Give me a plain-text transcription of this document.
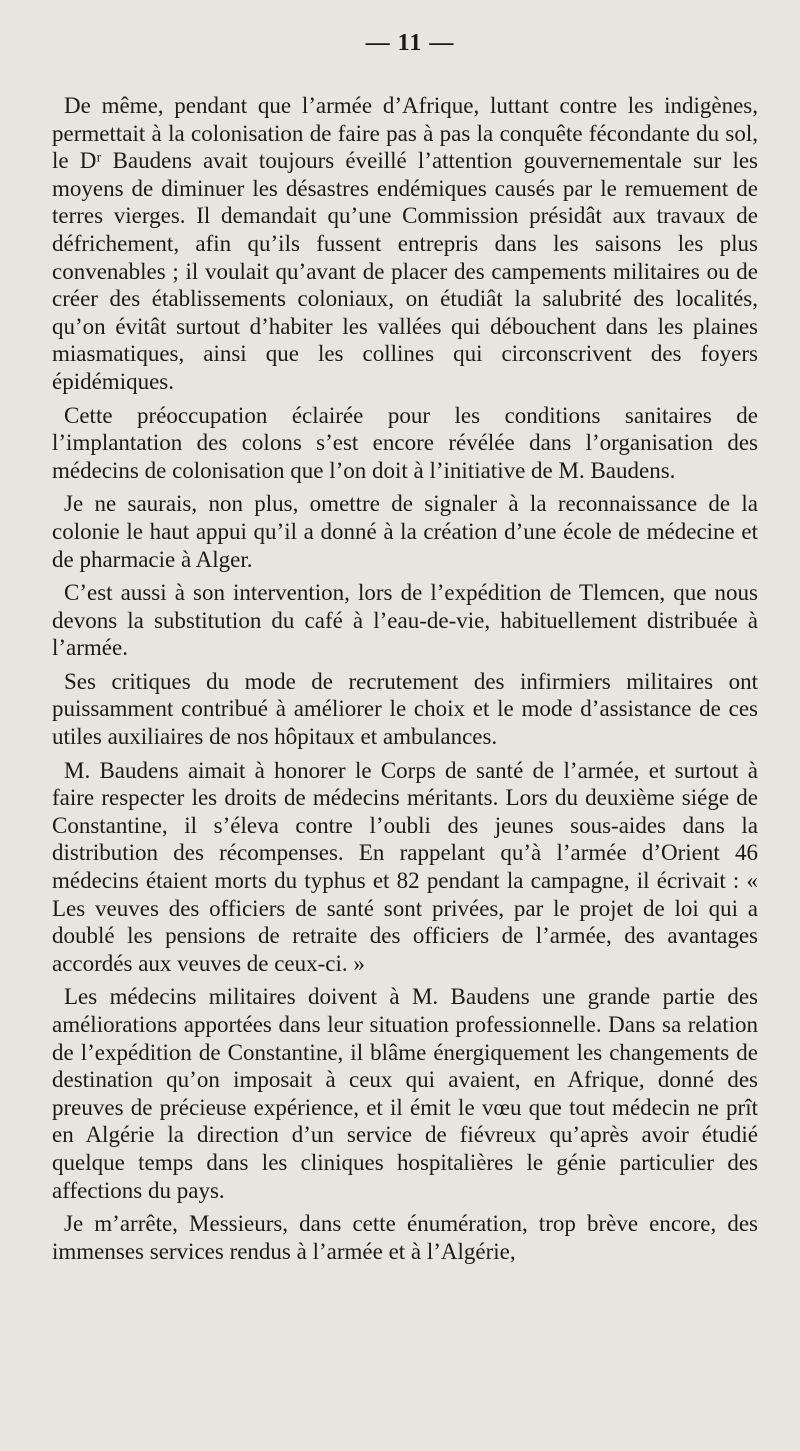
— 11 —

De même, pendant que l’armée d’Afrique, luttant contre les indigènes, permettait à la colonisation de faire pas à pas la conquête fécondante du sol, le Dʳ Baudens avait toujours éveillé l’attention gouvernementale sur les moyens de diminuer les désastres endémiques causés par le remuement de terres vierges. Il demandait qu’une Commission présidât aux travaux de défrichement, afin qu’ils fussent entrepris dans les saisons les plus convenables ; il voulait qu’avant de placer des campements militaires ou de créer des établissements coloniaux, on étudiât la salubrité des localités, qu’on évitât surtout d’habiter les vallées qui débouchent dans les plaines miasmatiques, ainsi que les collines qui circonscrivent des foyers épidémiques.

Cette préoccupation éclairée pour les conditions sanitaires de l’implantation des colons s’est encore révélée dans l’organisation des médecins de colonisation que l’on doit à l’initiative de M. Baudens.

Je ne saurais, non plus, omettre de signaler à la reconnaissance de la colonie le haut appui qu’il a donné à la création d’une école de médecine et de pharmacie à Alger.

C’est aussi à son intervention, lors de l’expédition de Tlemcen, que nous devons la substitution du café à l’eau-de-vie, habituellement distribuée à l’armée.

Ses critiques du mode de recrutement des infirmiers militaires ont puissamment contribué à améliorer le choix et le mode d’assistance de ces utiles auxiliaires de nos hôpitaux et ambulances.

M. Baudens aimait à honorer le Corps de santé de l’armée, et surtout à faire respecter les droits de médecins méritants. Lors du deuxième siége de Constantine, il s’éleva contre l’oubli des jeunes sous-aides dans la distribution des récompenses. En rappelant qu’à l’armée d’Orient 46 médecins étaient morts du typhus et 82 pendant la campagne, il écrivait : « Les veuves des officiers de santé sont privées, par le projet de loi qui a doublé les pensions de retraite des officiers de l’armée, des avantages accordés aux veuves de ceux-ci. »

Les médecins militaires doivent à M. Baudens une grande partie des améliorations apportées dans leur situation professionnelle. Dans sa relation de l’expédition de Constantine, il blâme énergiquement les changements de destination qu’on imposait à ceux qui avaient, en Afrique, donné des preuves de précieuse expérience, et il émit le vœu que tout médecin ne prît en Algérie la direction d’un service de fiévreux qu’après avoir étudié quelque temps dans les cliniques hospitalières le génie particulier des affections du pays.

Je m’arrête, Messieurs, dans cette énumération, trop brève encore, des immenses services rendus à l’armée et à l’Algérie,
